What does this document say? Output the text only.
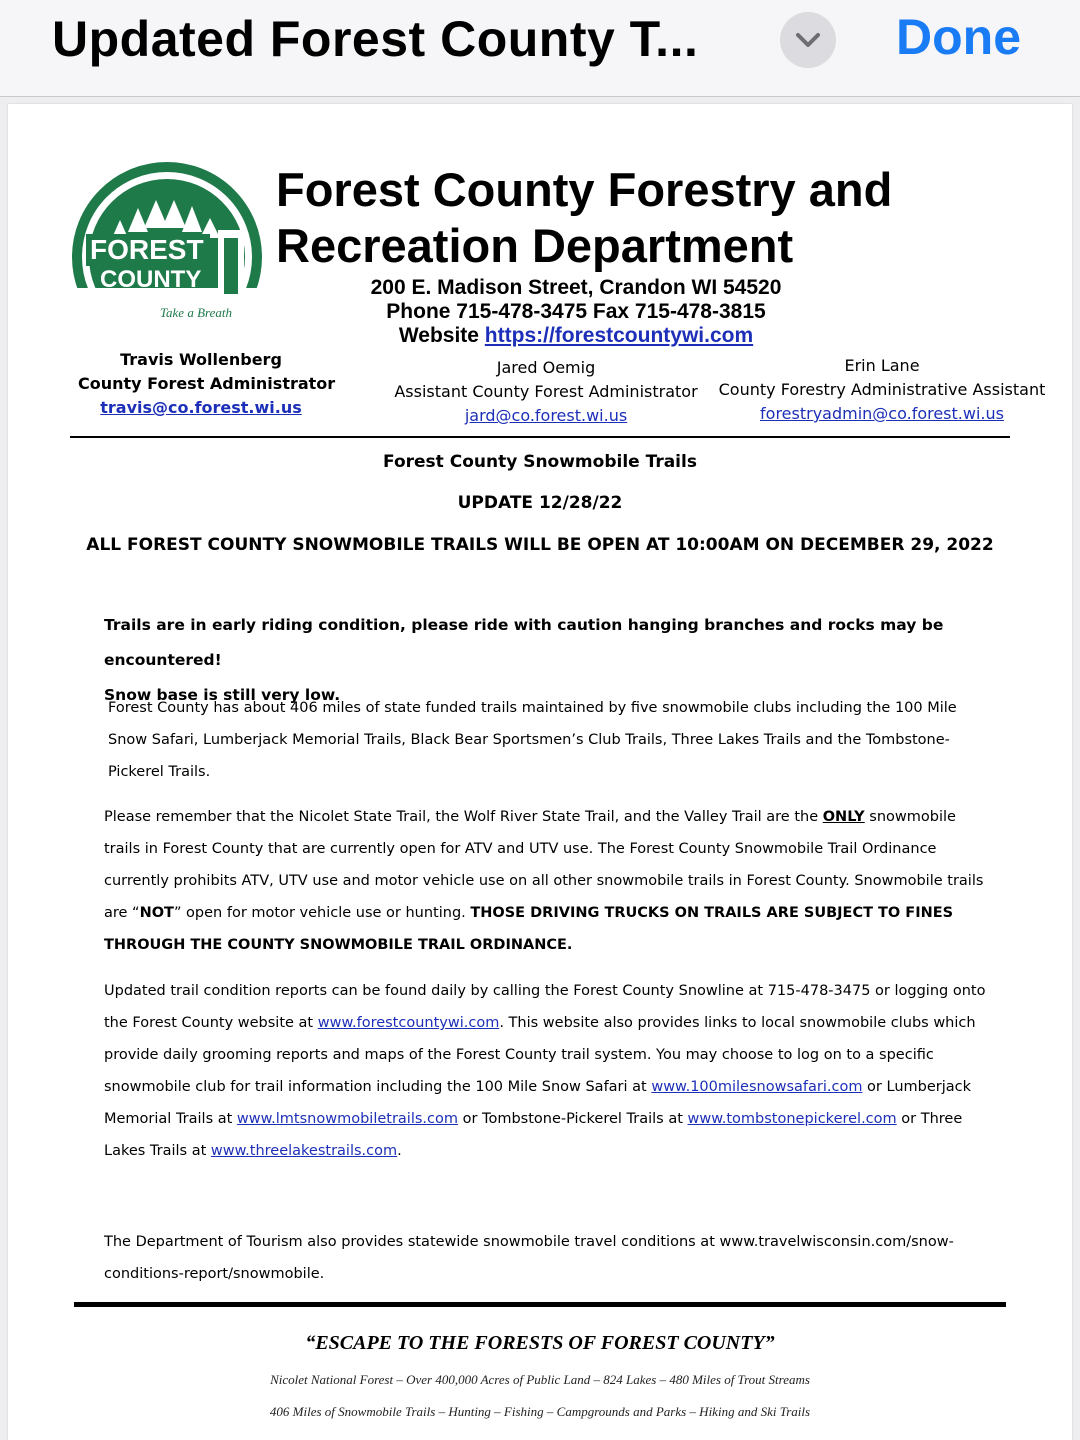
Updated Forest County T...	Done
FOREST
COUNTY
Take a Breath
Forest County Forestry and
Recreation Department
200 E. Madison Street, Crandon WI 54520
Phone 715-478-3475 Fax 715-478-3815
Website https://forestcountywi.com
Travis Wollenberg
County Forest Administrator
travis@co.forest.wi.us
Jared Oemig
Assistant County Forest Administrator
jard@co.forest.wi.us
Erin Lane
County Forestry Administrative Assistant
forestryadmin@co.forest.wi.us
Forest County Snowmobile Trails
UPDATE 12/28/22
ALL FOREST COUNTY SNOWMOBILE TRAILS WILL BE OPEN AT 10:00AM ON DECEMBER 29, 2022
Trails are in early riding condition, please ride with caution hanging branches and rocks may be encountered!
Snow base is still very low.
Forest County has about 406 miles of state funded trails maintained by five snowmobile clubs including the 100 Mile Snow Safari, Lumberjack Memorial Trails, Black Bear Sportsmen’s Club Trails, Three Lakes Trails and the Tombstone-Pickerel Trails.
Please remember that the Nicolet State Trail, the Wolf River State Trail, and the Valley Trail are the ONLY snowmobile trails in Forest County that are currently open for ATV and UTV use. The Forest County Snowmobile Trail Ordinance currently prohibits ATV, UTV use and motor vehicle use on all other snowmobile trails in Forest County. Snowmobile trails are “NOT” open for motor vehicle use or hunting. THOSE DRIVING TRUCKS ON TRAILS ARE SUBJECT TO FINES THROUGH THE COUNTY SNOWMOBILE TRAIL ORDINANCE.
Updated trail condition reports can be found daily by calling the Forest County Snowline at 715-478-3475 or logging onto the Forest County website at www.forestcountywi.com. This website also provides links to local snowmobile clubs which provide daily grooming reports and maps of the Forest County trail system. You may choose to log on to a specific snowmobile club for trail information including the 100 Mile Snow Safari at www.100milesnowsafari.com or Lumberjack Memorial Trails at www.lmtsnowmobiletrails.com or Tombstone-Pickerel Trails at www.tombstonepickerel.com or Three Lakes Trails at www.threelakestrails.com.
The Department of Tourism also provides statewide snowmobile travel conditions at www.travelwisconsin.com/snow-conditions-report/snowmobile.
“ESCAPE TO THE FORESTS OF FOREST COUNTY”
Nicolet National Forest – Over 400,000 Acres of Public Land – 824 Lakes – 480 Miles of Trout Streams
406 Miles of Snowmobile Trails – Hunting – Fishing – Campgrounds and Parks – Hiking and Ski Trails
